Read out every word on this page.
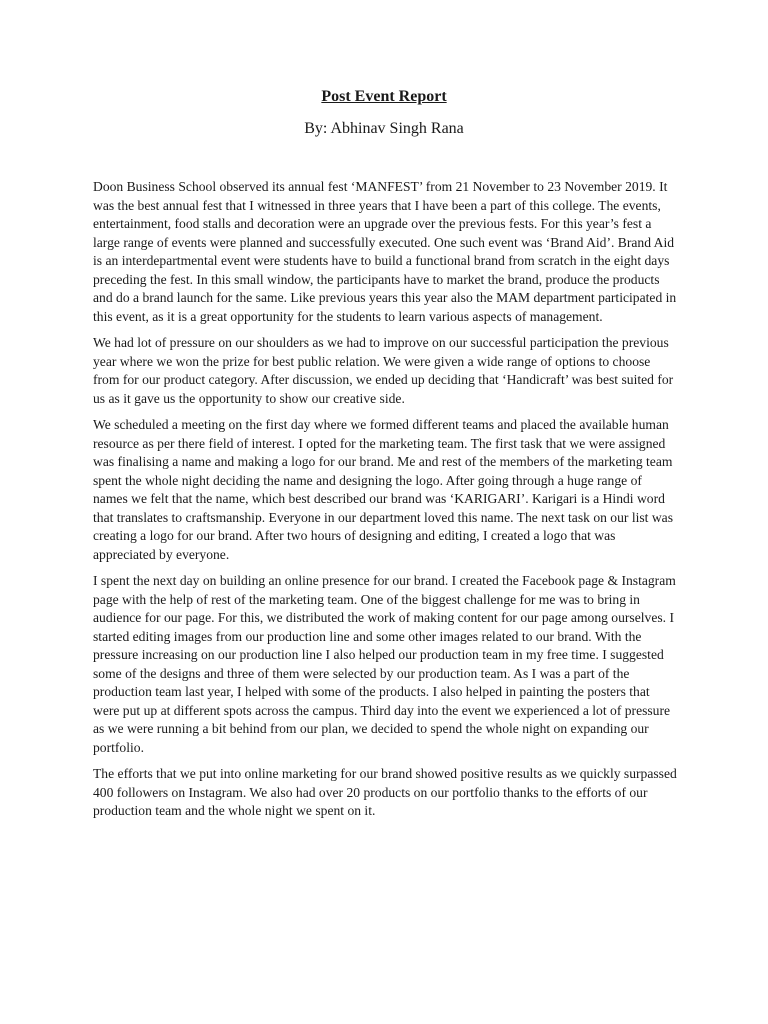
Post Event Report
By: Abhinav Singh Rana

Doon Business School observed its annual fest ‘MANFEST’ from 21 November to 23 November 2019. It was the best annual fest that I witnessed in three years that I have been a part of this college. The events, entertainment, food stalls and decoration were an upgrade over the previous fests. For this year’s fest a large range of events were planned and successfully executed. One such event was ‘Brand Aid’. Brand Aid is an interdepartmental event were students have to build a functional brand from scratch in the eight days preceding the fest. In this small window, the participants have to market the brand, produce the products and do a brand launch for the same. Like previous years this year also the MAM department participated in this event, as it is a great opportunity for the students to learn various aspects of management.

We had lot of pressure on our shoulders as we had to improve on our successful participation the previous year where we won the prize for best public relation. We were given a wide range of options to choose from for our product category. After discussion, we ended up deciding that ‘Handicraft’ was best suited for us as it gave us the opportunity to show our creative side.

We scheduled a meeting on the first day where we formed different teams and placed the available human resource as per there field of interest. I opted for the marketing team. The first task that we were assigned was finalising a name and making a logo for our brand. Me and rest of the members of the marketing team spent the whole night deciding the name and designing the logo. After going through a huge range of names we felt that the name, which best described our brand was ‘KARIGARI’. Karigari is a Hindi word that translates to craftsmanship. Everyone in our department loved this name. The next task on our list was creating a logo for our brand. After two hours of designing and editing, I created a logo that was appreciated by everyone.

I spent the next day on building an online presence for our brand. I created the Facebook page & Instagram page with the help of rest of the marketing team. One of the biggest challenge for me was to bring in audience for our page. For this, we distributed the work of making content for our page among ourselves. I started editing images from our production line and some other images related to our brand. With the pressure increasing on our production line I also helped our production team in my free time. I suggested some of the designs and three of them were selected by our production team. As I was a part of the production team last year, I helped with some of the products. I also helped in painting the posters that were put up at different spots across the campus. Third day into the event we experienced a lot of pressure as we were running a bit behind from our plan, we decided to spend the whole night on expanding our portfolio.

The efforts that we put into online marketing for our brand showed positive results as we quickly surpassed 400 followers on Instagram. We also had over 20 products on our portfolio thanks to the efforts of our production team and the whole night we spent on it.
